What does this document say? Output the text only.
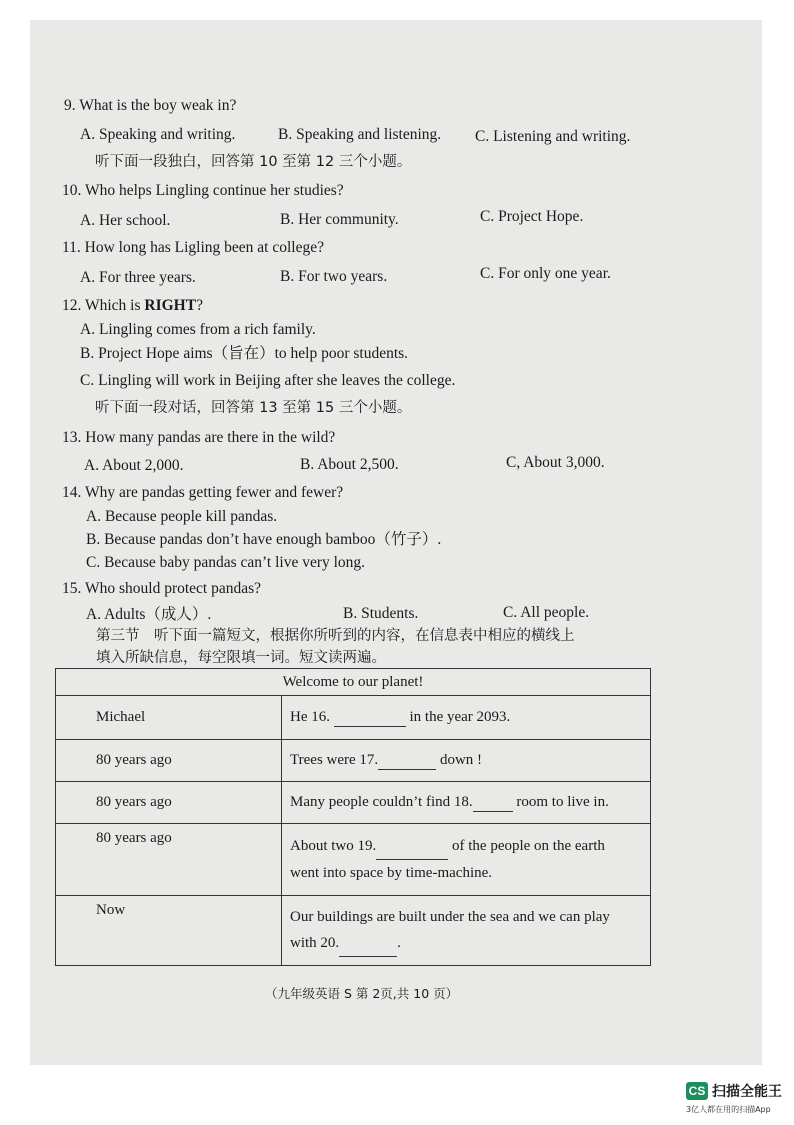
9. What is the boy weak in?
A. Speaking and writing.	B. Speaking and listening. C. Listening and writing.
听下面一段独白，回答第 10 至第 12 三个小题。
10. Who helps Lingling continue her studies?
A. Her school.	B. Her community.	C. Project Hope.
11. How long has Ligling been at college?
A. For three years.	B. For two years.	C. For only one year.
12. Which is RIGHT?
A. Lingling comes from a rich family.
B. Project Hope aims（旨在）to help poor students.
C. Lingling will work in Beijing after she leaves the college.
听下面一段对话，回答第 13 至第 15 三个小题。
13. How many pandas are there in the wild?
A. About 2,000.	B. About 2,500.	C, About 3,000.
14. Why are pandas getting fewer and fewer?
A. Because people kill pandas.
B. Because pandas don’t have enough bamboo（竹子）.
C. Because baby pandas can’t live very long.
15. Who should protect pandas?
A. Adults（成人）.	B. Students.	C. All people.
第三节　听下面一篇短文，根据你所听到的内容，在信息表中相应的横线上
填入所缺信息，每空限填一词。短文读两遍。
Welcome to our planet!	
Michael	He 16. in the year 2093.
80 years ago	Trees were 17. down !
80 years ago	Many people couldn’t find 18. room to live in.
80 years ago	About two 19. of the people on the earth
went into space by time-machine.
Now	Our buildings are built under the sea and we can play
with 20. .
（九年级英语 S 第 2页,共 10 页）
CS 扫描全能王
3亿人都在用的扫描App
